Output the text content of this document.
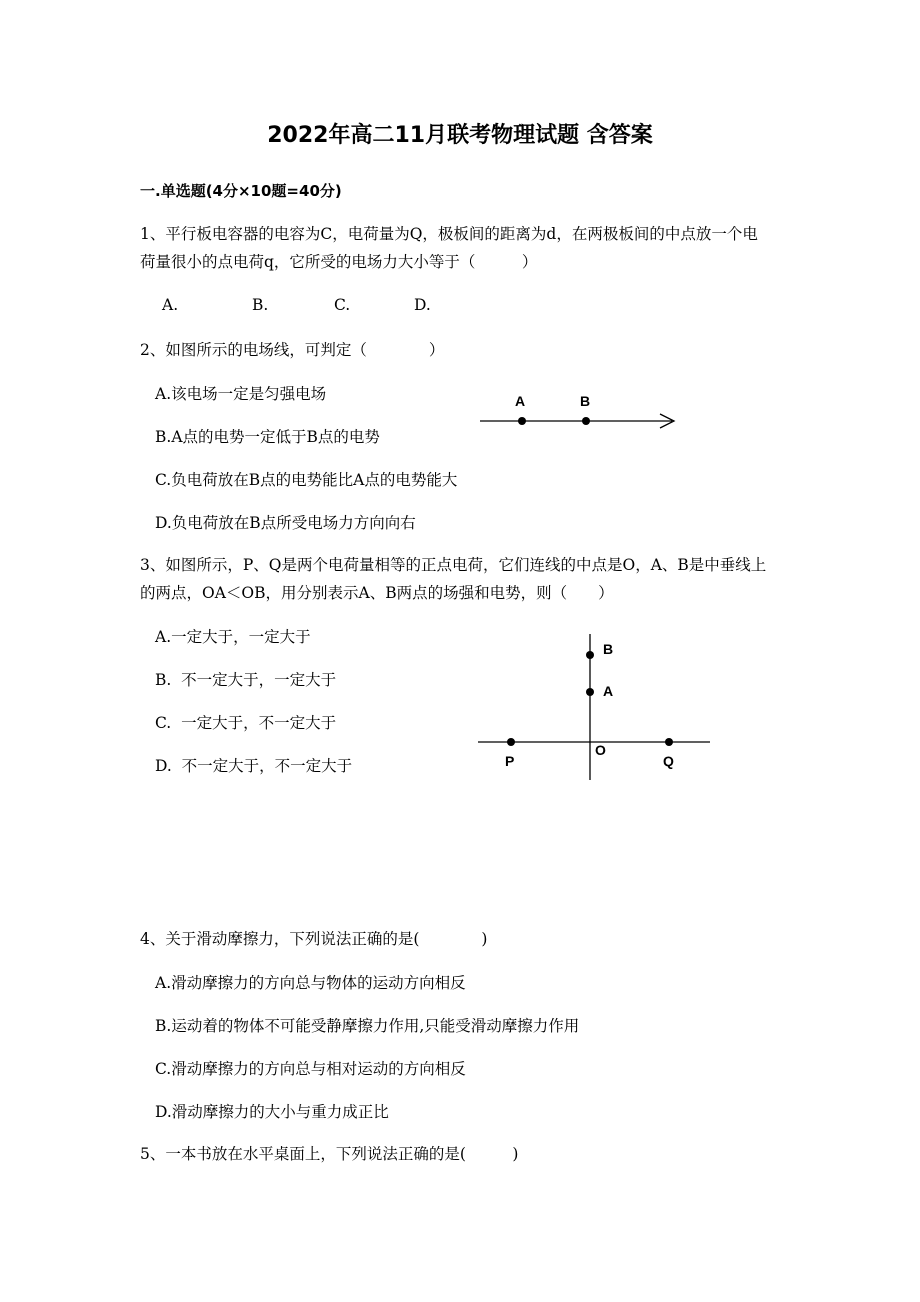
2022年高二11月联考物理试题 含答案
一.单选题(4分×10题=40分)
1、平行板电容器的电容为C，电荷量为Q，极板间的距离为d，在两极板间的中点放一个电
荷量很小的点电荷q，它所受的电场力大小等于（　　　）
A.	B.	C.	D.
2、如图所示的电场线，可判定（　　　　）
A.该电场一定是匀强电场
B.A点的电势一定低于B点的电势
C.负电荷放在B点的电势能比A点的电势能大
D.负电荷放在B点所受电场力方向向右
A	B
3、如图所示，P、Q是两个电荷量相等的正点电荷，它们连线的中点是O，A、B是中垂线上
的两点，OA＜OB，用分别表示A、B两点的场强和电势，则（　　）
A.一定大于，一定大于
B.  不一定大于，一定大于
C.  一定大于，不一定大于
D.  不一定大于，不一定大于
B
A
O
P	Q
4、关于滑动摩擦力，下列说法正确的是(　　　　)
A.滑动摩擦力的方向总与物体的运动方向相反
B.运动着的物体不可能受静摩擦力作用,只能受滑动摩擦力作用
C.滑动摩擦力的方向总与相对运动的方向相反
D.滑动摩擦力的大小与重力成正比
5、一本书放在水平桌面上，下列说法正确的是(　　　)
